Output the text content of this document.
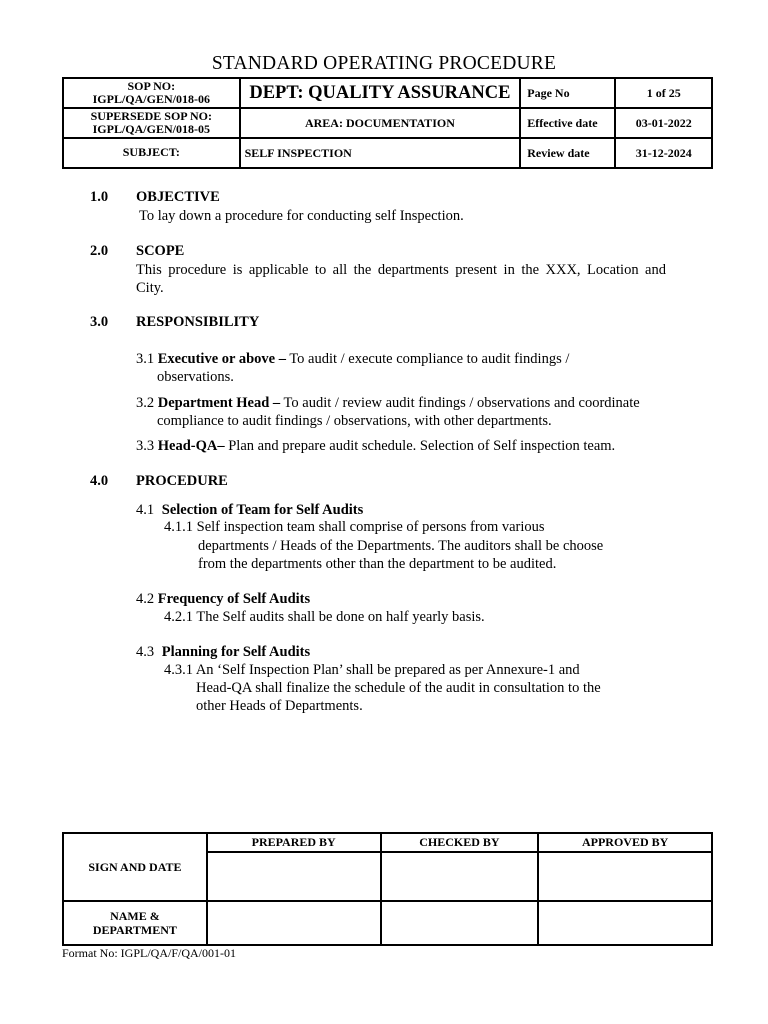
STANDARD OPERATING PROCEDURE
SOP NO:
IGPL/QA/GEN/018-06	DEPT: QUALITY ASSURANCE	Page No	1 of 25

SUPERSEDE SOP NO:
IGPL/QA/GEN/018-05	AREA: DOCUMENTATION	Effective date	03-01-2022
SUBJECT:	SELF INSPECTION	Review date	31-12-2024
1.0 OBJECTIVE
To lay down a procedure for conducting self Inspection.
2.0 SCOPE
This procedure is applicable to all the departments present in the XXX, Location and
City.
3.0 RESPONSIBILITY
3.1 Executive or above – To audit / execute compliance to audit findings /
observations.
3.2 Department Head – To audit / review audit findings / observations and coordinate
compliance to audit findings / observations, with other departments.
3.3 Head-QA– Plan and prepare audit schedule. Selection of Self inspection team.
4.0 PROCEDURE
4.1 Selection of Team for Self Audits
4.1.1 Self inspection team shall comprise of persons from various
departments / Heads of the Departments. The auditors shall be choose
from the departments other than the department to be audited.
4.2 Frequency of Self Audits
4.2.1 The Self audits shall be done on half yearly basis.
4.3 Planning for Self Audits
4.3.1 An ‘Self Inspection Plan’ shall be prepared as per Annexure-1 and
Head-QA shall finalize the schedule of the audit in consultation to the
other Heads of Departments.
SIGN AND DATE	PREPARED BY	CHECKED BY	APPROVED BY

NAME &
DEPARTMENT			

Format No: IGPL/QA/F/QA/001-01
